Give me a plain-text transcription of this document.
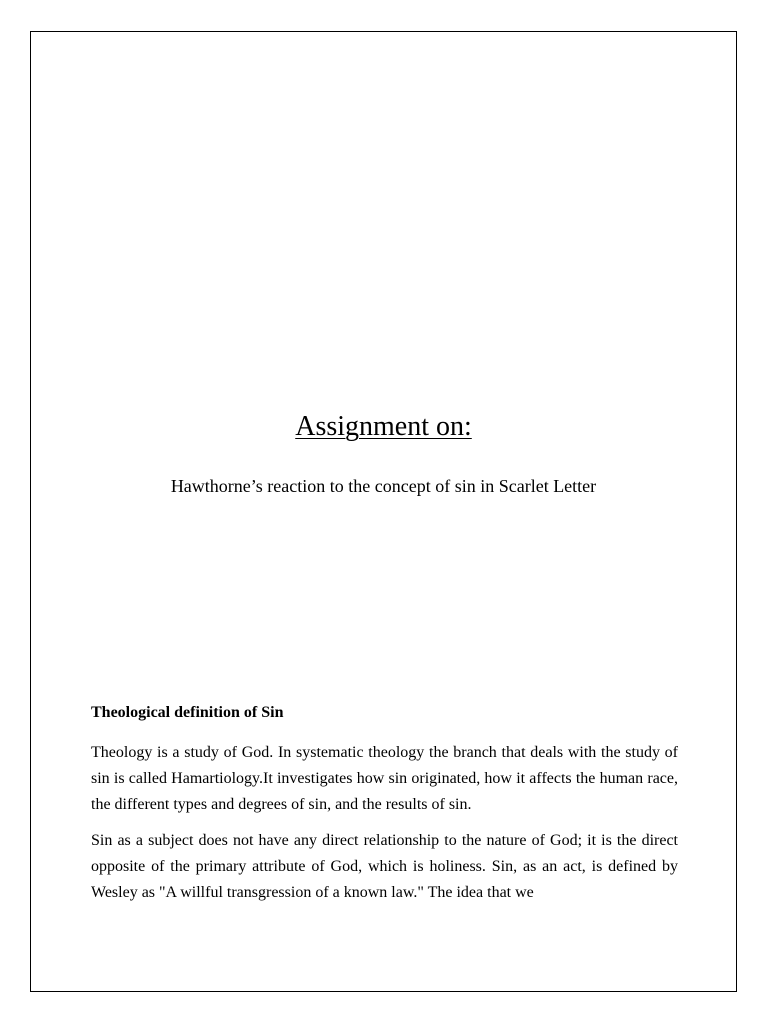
Assignment on:
Hawthorne’s reaction to the concept of sin in Scarlet Letter
Theological definition of Sin

Theology is a study of God. In systematic theology the branch that deals with the study of sin is called Hamartiology.It investigates how sin originated, how it affects the human race, the different types and degrees of sin, and the results of sin.

Sin as a subject does not have any direct relationship to the nature of God; it is the direct opposite of the primary attribute of God, which is holiness. Sin, as an act, is defined by Wesley as "A willful transgression of a known law." The idea that we
